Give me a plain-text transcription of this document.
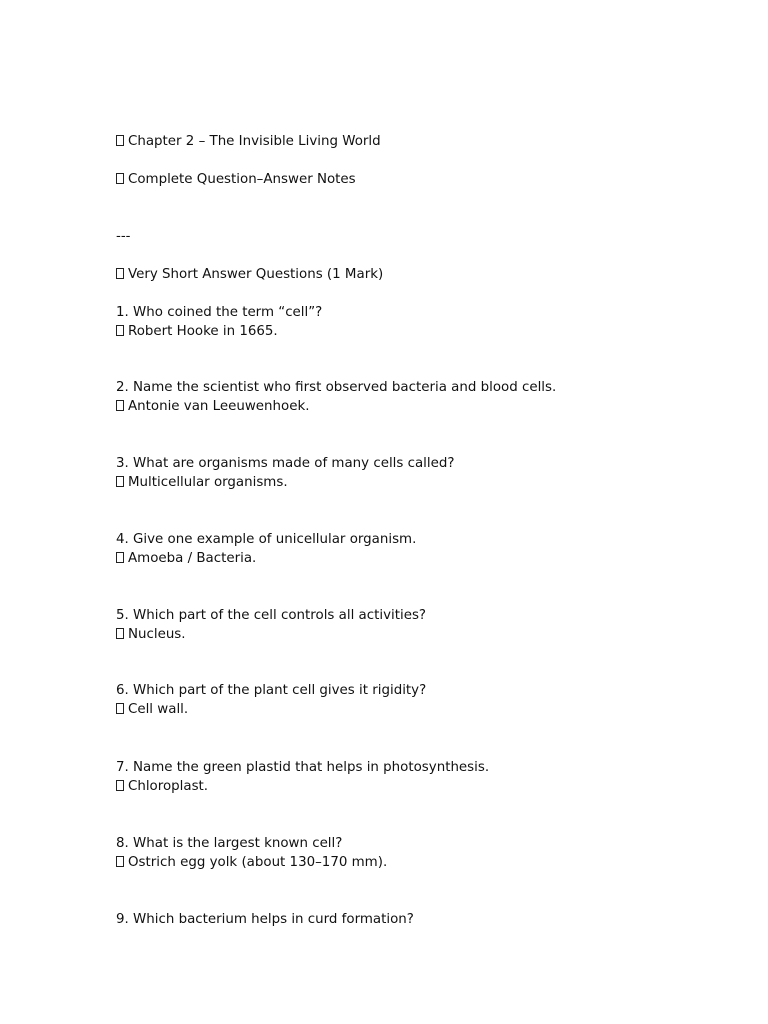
Chapter 2 – The Invisible Living World
Complete Question–Answer Notes
---
Very Short Answer Questions (1 Mark)
1. Who coined the term “cell”?
Robert Hooke in 1665.
2. Name the scientist who first observed bacteria and blood cells.
Antonie van Leeuwenhoek.
3. What are organisms made of many cells called?
Multicellular organisms.
4. Give one example of unicellular organism.
Amoeba / Bacteria.
5. Which part of the cell controls all activities?
Nucleus.
6. Which part of the plant cell gives it rigidity?
Cell wall.
7. Name the green plastid that helps in photosynthesis.
Chloroplast.
8. What is the largest known cell?
Ostrich egg yolk (about 130–170 mm).
9. Which bacterium helps in curd formation?
